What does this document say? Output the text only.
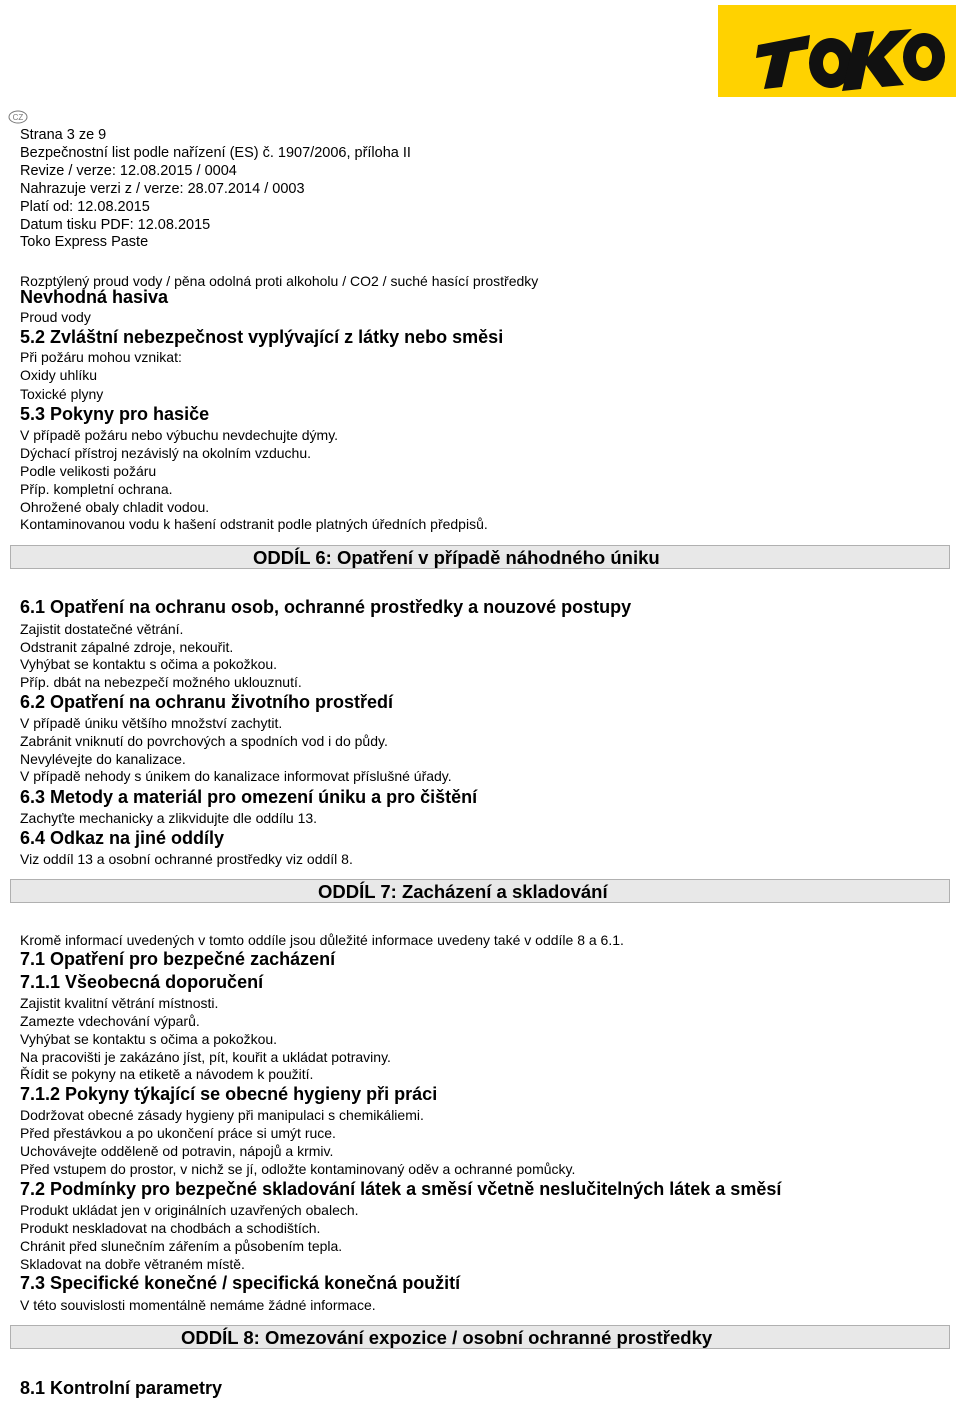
CZ
Strana 3 ze 9
Bezpečnostní list podle nařízení (ES) č. 1907/2006, příloha II
Revize / verze: 12.08.2015 / 0004
Nahrazuje verzi z / verze: 28.07.2014 / 0003
Platí od: 12.08.2015
Datum tisku PDF: 12.08.2015
Toko Express Paste
Rozptýlený proud vody / pěna odolná proti alkoholu / CO2 / suché hasící prostředky
Nevhodná hasiva
Proud vody
5.2 Zvláštní nebezpečnost vyplývající z látky nebo směsi
Při požáru mohou vznikat:
Oxidy uhlíku
Toxické plyny
5.3 Pokyny pro hasiče
V případě požáru nebo výbuchu nevdechujte dýmy.
Dýchací přístroj nezávislý na okolním vzduchu.
Podle velikosti požáru
Příp. kompletní ochrana.
Ohrožené obaly chladit vodou.
Kontaminovanou vodu k hašení odstranit podle platných úředních předpisů.
ODDÍL 6: Opatření v případě náhodného úniku
6.1 Opatření na ochranu osob, ochranné prostředky a nouzové postupy
Zajistit dostatečné větrání.
Odstranit zápalné zdroje, nekouřit.
Vyhýbat se kontaktu s očima a pokožkou.
Příp. dbát na nebezpečí možného uklouznutí.
6.2 Opatření na ochranu životního prostředí
V případě úniku většího množství zachytit.
Zabránit vniknutí do povrchových a spodních vod i do půdy.
Nevylévejte do kanalizace.
V případě nehody s únikem do kanalizace informovat příslušné úřady.
6.3 Metody a materiál pro omezení úniku a pro čištění
Zachyťte mechanicky a zlikvidujte dle oddílu 13.
6.4 Odkaz na jiné oddíly
Viz oddíl 13 a osobní ochranné prostředky viz oddíl 8.
ODDÍL 7: Zacházení a skladování
Kromě informací uvedených v tomto oddíle jsou důležité informace uvedeny také v oddíle 8 a 6.1.
7.1 Opatření pro bezpečné zacházení
7.1.1 Všeobecná doporučení
Zajistit kvalitní větrání místnosti.
Zamezte vdechování výparů.
Vyhýbat se kontaktu s očima a pokožkou.
Na pracovišti je zakázáno jíst, pít, kouřit a ukládat potraviny.
Řídit se pokyny na etiketě a návodem k použití.
7.1.2 Pokyny týkající se obecné hygieny při práci
Dodržovat obecné zásady hygieny při manipulaci s chemikáliemi.
Před přestávkou a po ukončení práce si umýt ruce.
Uchovávejte odděleně od potravin, nápojů a krmiv.
Před vstupem do prostor, v nichž se jí, odložte kontaminovaný oděv a ochranné pomůcky.
7.2 Podmínky pro bezpečné skladování látek a směsí včetně neslučitelných látek a směsí
Produkt ukládat jen v originálních uzavřených obalech.
Produkt neskladovat na chodbách a schodištích.
Chránit před slunečním zářením a působením tepla.
Skladovat na dobře větraném místě.
7.3 Specifické konečné / specifická konečná použití
V této souvislosti momentálně nemáme žádné informace.
ODDÍL 8: Omezování expozice / osobní ochranné prostředky
8.1 Kontrolní parametry
